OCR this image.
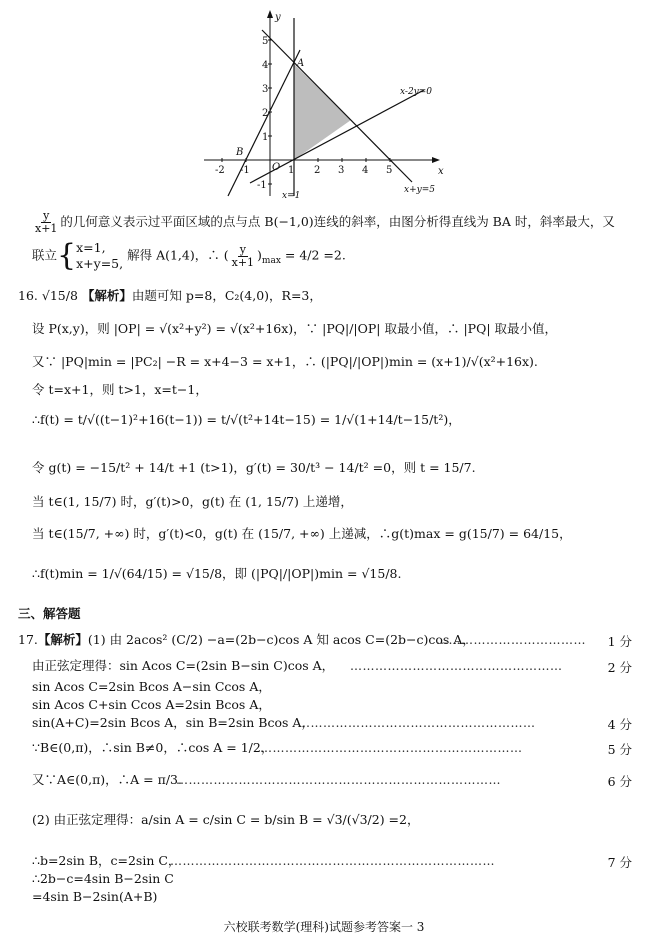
y
x
O
1
2
3
4
5
-1
-2	1 2 3 4 5
-1
A
B
x-2y=0
x+y=5
x=1
$\frac{y}{x+1}$ 的几何意义表示过平面区域的点与点 B(−1,0)连线的斜率，由图分析得直线为 BA 时，斜率最大，又
联立{ x=1,
x+y=5,
解得 A(1,4)，∴ ( $\frac{y}{x+1} )_{max} = 4/2 =2$.
16. √15/8 【解析】由题可知 p=8，C₂(4,0)，R=3，
设 P(x,y)，则 |OP| = √(x²+y²) = √(x²+16x)，∵ |PQ|/|OP| 取最小值，∴ |PQ| 取最小值，
又∵ |PQ|min = |PC₂| −R = x+4−3 = x+1，∴ (|PQ|/|OP|)min = (x+1)/√(x²+16x).
令 t=x+1，则 t>1，x=t−1，
∴f(t) = t/√((t−1)²+16(t−1)) = t/√(t²+14t−15) = 1/√(1+14/t−15/t²)，
令 g(t) = −15/t² + 14/t +1 (t>1)，g′(t) = 30/t³ − 14/t² =0，则 t = 15/7.
当 t∈(1, 15/7) 时，g′(t)>0，g(t) 在 (1, 15/7) 上递增，
当 t∈(15/7, +∞) 时，g′(t)<0，g(t) 在 (15/7, +∞) 上递减，∴g(t)max = g(15/7) = 64/15，
∴f(t)min = 1/√(64/15) = √15/8，即 (|PQ|/|OP|)min = √15/8.
三、解答题
17.【解析】(1) 由 2acos² (C/2) −a=(2b−c)cos A 知 acos C=(2b−c)cos A，
……………………………… 1 分
由正弦定理得：sin Acos C=(2sin B−sin C)cos A， ……………………………………………	2 分
sin Acos C=2sin Bcos A−sin Ccos A，
sin Acos C+sin Ccos A=2sin Bcos A，
sin(A+C)=2sin Bcos A，sin B=2sin Bcos A，
…………………………………………………	4 分
∵B∈(0,π)，∴sin B≠0，∴cos A = 1/2，
………………………………………………………	5 分
又∵A∈(0,π)，∴A = π/3.
……………………………………………………………………	6 分
(2) 由正弦定理得：a/sin A = c/sin C = b/sin B = √3/(√3/2) =2，
∴b=2sin B，c=2sin C，
……………………………………………………………………	7 分
∴2b−c=4sin B−2sin C
=4sin B−2sin(A+B)
六校联考数学(理科)试题参考答案一 3
